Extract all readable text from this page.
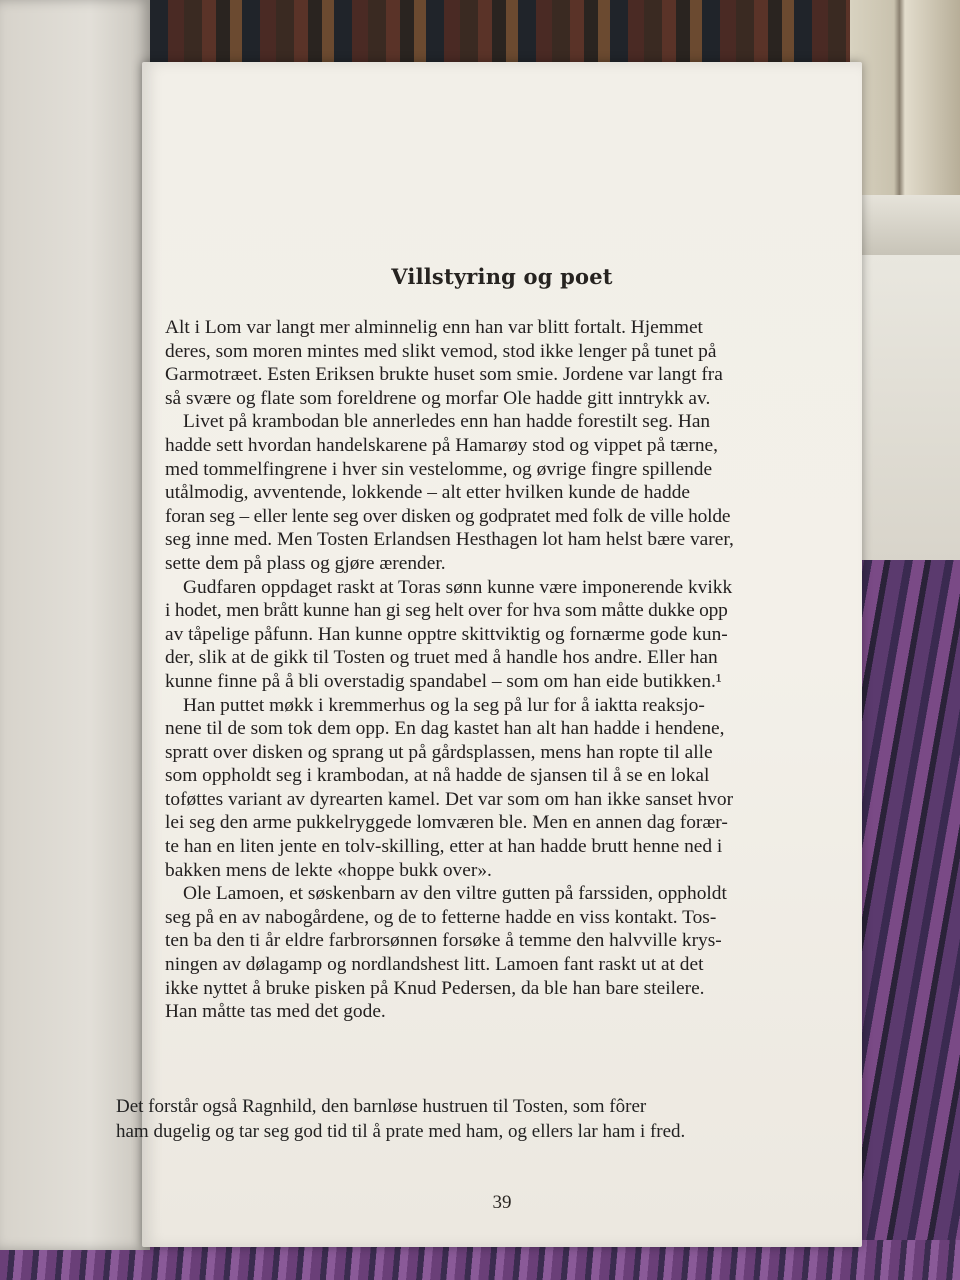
Villstyring og poet
Alt i Lom var langt mer alminnelig enn han var blitt fortalt. Hjemmet
deres, som moren mintes med slikt vemod, stod ikke lenger på tunet på
Garmotræet. Esten Eriksen brukte huset som smie. Jordene var langt fra
så svære og flate som foreldrene og morfar Ole hadde gitt inntrykk av.
Livet på krambodan ble annerledes enn han hadde forestilt seg. Han
hadde sett hvordan handelskarene på Hamarøy stod og vippet på tærne,
med tommelfingrene i hver sin vestelomme, og øvrige fingre spillende
utålmodig, avventende, lokkende – alt etter hvilken kunde de hadde
foran seg – eller lente seg over disken og godpratet med folk de ville holde
seg inne med. Men Tosten Erlandsen Hesthagen lot ham helst bære varer,
sette dem på plass og gjøre ærender.
Gudfaren oppdaget raskt at Toras sønn kunne være imponerende kvikk
i hodet, men brått kunne han gi seg helt over for hva som måtte dukke opp
av tåpelige påfunn. Han kunne opptre skittviktig og fornærme gode kun-
der, slik at de gikk til Tosten og truet med å handle hos andre. Eller han
kunne finne på å bli overstadig spandabel – som om han eide butikken.¹
Han puttet møkk i kremmerhus og la seg på lur for å iaktta reaksjo-
nene til de som tok dem opp. En dag kastet han alt han hadde i hendene,
spratt over disken og sprang ut på gårdsplassen, mens han ropte til alle
som oppholdt seg i krambodan, at nå hadde de sjansen til å se en lokal
toføttes variant av dyrearten kamel. Det var som om han ikke sanset hvor
lei seg den arme pukkelryggede lomværen ble. Men en annen dag forær-
te han en liten jente en tolv-skilling, etter at han hadde brutt henne ned i
bakken mens de lekte «hoppe bukk over».
Ole Lamoen, et søskenbarn av den viltre gutten på farssiden, oppholdt
seg på en av nabogårdene, og de to fetterne hadde en viss kontakt. Tos-
ten ba den ti år eldre farbrorsønnen forsøke å temme den halvville krys-
ningen av dølagamp og nordlandshest litt. Lamoen fant raskt ut at det
ikke nyttet å bruke pisken på Knud Pedersen, da ble han bare steilere.
Han måtte tas med det gode.
Det forstår også Ragnhild, den barnløse hustruen til Tosten, som fôrer
ham dugelig og tar seg god tid til å prate med ham, og ellers lar ham i fred.
39
